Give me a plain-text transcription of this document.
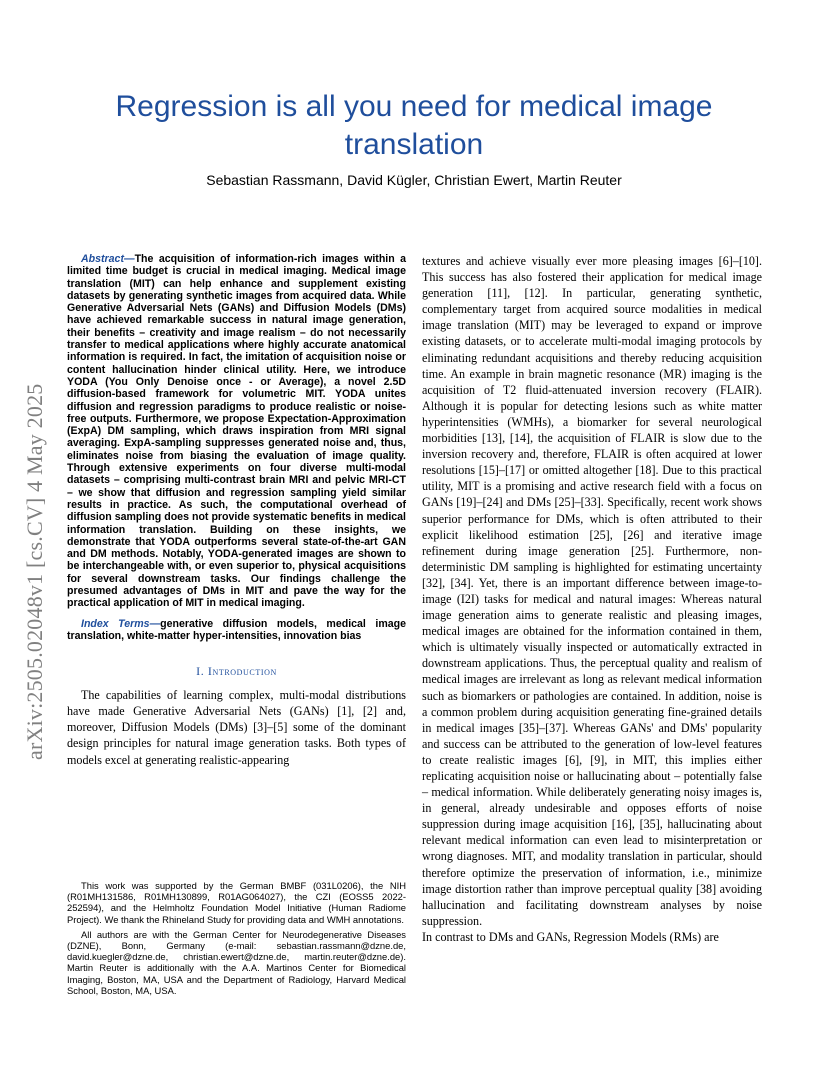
Regression is all you need for medical image translation
Sebastian Rassmann, David Kügler, Christian Ewert, Martin Reuter
arXiv:2505.02048v1 [cs.CV] 4 May 2025

Abstract—The acquisition of information-rich images within a limited time budget is crucial in medical imaging. Medical image translation (MIT) can help enhance and supplement existing datasets by generating synthetic images from acquired data. While Generative Adversarial Nets (GANs) and Diffusion Models (DMs) have achieved remarkable success in natural image generation, their benefits – creativity and image realism – do not necessarily transfer to medical applications where highly accurate anatomical information is required. In fact, the imitation of acquisition noise or content hallucination hinder clinical utility. Here, we introduce YODA (You Only Denoise once - or Average), a novel 2.5D diffusion-based framework for volumetric MIT. YODA unites diffusion and regression paradigms to produce realistic or noise-free outputs. Furthermore, we propose Expectation-Approximation (ExpA) DM sampling, which draws inspiration from MRI signal averaging. ExpA-sampling suppresses generated noise and, thus, eliminates noise from biasing the evaluation of image quality. Through extensive experiments on four diverse multi-modal datasets – comprising multi-contrast brain MRI and pelvic MRI-CT – we show that diffusion and regression sampling yield similar results in practice. As such, the computational overhead of diffusion sampling does not provide systematic benefits in medical information translation. Building on these insights, we demonstrate that YODA outperforms several state-of-the-art GAN and DM methods. Notably, YODA-generated images are shown to be interchangeable with, or even superior to, physical acquisitions for several downstream tasks. Our findings challenge the presumed advantages of DMs in MIT and pave the way for the practical application of MIT in medical imaging.

Index Terms—generative diffusion models, medical image translation, white-matter hyper-intensities, innovation bias

I. Introduction

The capabilities of learning complex, multi-modal distributions have made Generative Adversarial Nets (GANs) [1], [2] and, moreover, Diffusion Models (DMs) [3]–[5] some of the dominant design principles for natural image generation tasks. Both types of models excel at generating realistic-appearing

This work was supported by the German BMBF (031L0206), the NIH (R01MH131586, R01MH130899, R01AG064027), the CZI (EOSS5 2022-252594), and the Helmholtz Foundation Model Initiative (Human Radiome Project). We thank the Rhineland Study for providing data and WMH annotations.

All authors are with the German Center for Neurodegenerative Diseases (DZNE), Bonn, Germany (e-mail: sebastian.rassmann@dzne.de, david.kuegler@dzne.de, christian.ewert@dzne.de, martin.reuter@dzne.de). Martin Reuter is additionally with the A.A. Martinos Center for Biomedical Imaging, Boston, MA, USA and the Department of Radiology, Harvard Medical School, Boston, MA, USA.

textures and achieve visually ever more pleasing images [6]–[10]. This success has also fostered their application for medical image generation [11], [12]. In particular, generating synthetic, complementary target from acquired source modalities in medical image translation (MIT) may be leveraged to expand or improve existing datasets, or to accelerate multi-modal imaging protocols by eliminating redundant acquisitions and thereby reducing acquisition time. An example in brain magnetic resonance (MR) imaging is the acquisition of T2 fluid-attenuated inversion recovery (FLAIR). Although it is popular for detecting lesions such as white matter hyperintensities (WMHs), a biomarker for several neurological morbidities [13], [14], the acquisition of FLAIR is slow due to the inversion recovery and, therefore, FLAIR is often acquired at lower resolutions [15]–[17] or omitted altogether [18]. Due to this practical utility, MIT is a promising and active research field with a focus on GANs [19]–[24] and DMs [25]–[33]. Specifically, recent work shows superior performance for DMs, which is often attributed to their explicit likelihood estimation [25], [26] and iterative image refinement during image generation [25]. Furthermore, non-deterministic DM sampling is highlighted for estimating uncertainty [32], [34]. Yet, there is an important difference between image-to-image (I2I) tasks for medical and natural images: Whereas natural image generation aims to generate realistic and pleasing images, medical images are obtained for the information contained in them, which is ultimately visually inspected or automatically extracted in downstream applications. Thus, the perceptual quality and realism of medical images are irrelevant as long as relevant medical information such as biomarkers or pathologies are contained. In addition, noise is a common problem during acquisition generating fine-grained details in medical images [35]–[37]. Whereas GANs' and DMs' popularity and success can be attributed to the generation of low-level features to create realistic images [6], [9], in MIT, this implies either replicating acquisition noise or hallucinating about – potentially false – medical information. While deliberately generating noisy images is, in general, already undesirable and opposes efforts of noise suppression during image acquisition [16], [35], hallucinating about relevant medical information can even lead to misinterpretation or wrong diagnoses. MIT, and modality translation in particular, should therefore optimize the preservation of information, i.e., minimize image distortion rather than improve perceptual quality [38] avoiding hallucination and facilitating downstream analyses by noise suppression.

In contrast to DMs and GANs, Regression Models (RMs) are
